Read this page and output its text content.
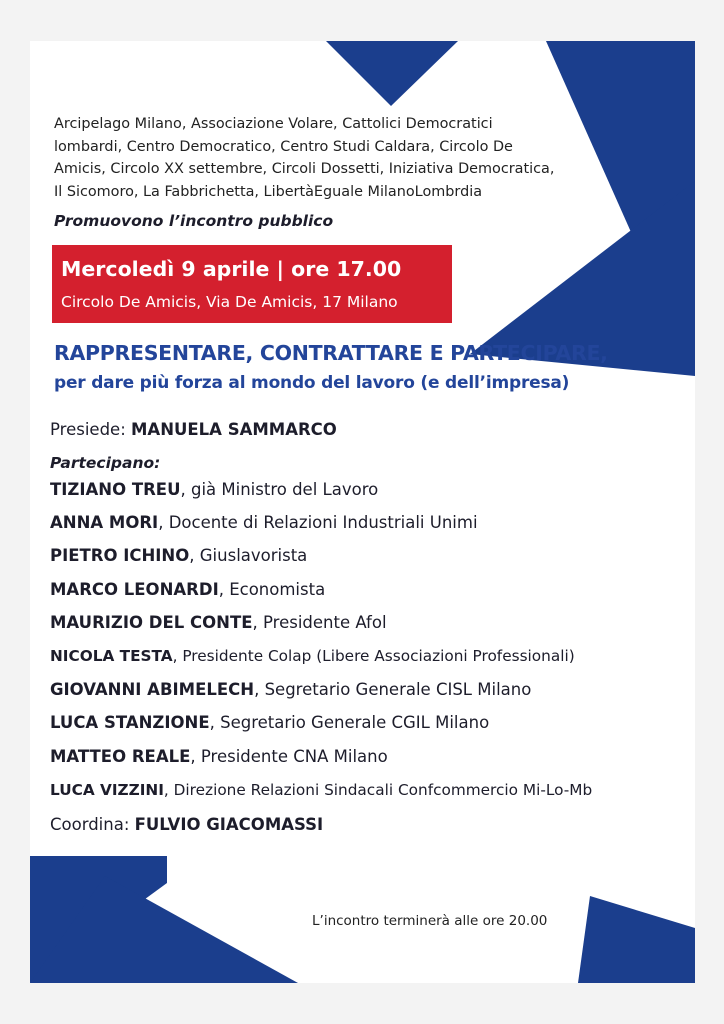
Arcipelago Milano, Associazione Volare, Cattolici Democratici
lombardi, Centro Democratico, Centro Studi Caldara, Circolo De
Amicis, Circolo XX settembre, Circoli Dossetti, Iniziativa Democratica,
Il Sicomoro, La Fabbrichetta, LibertàEguale MilanoLombrdia
Promuovono l’incontro pubblico
Mercoledì 9 aprile | ore 17.00
Circolo De Amicis, Via De Amicis, 17 Milano
RAPPRESENTARE, CONTRATTARE E PARTECIPARE,
per dare più forza al mondo del lavoro (e dell’impresa)
Presiede: MANUELA SAMMARCO
Partecipano:
TIZIANO TREU, già Ministro del Lavoro
ANNA MORI, Docente di Relazioni Industriali Unimi
PIETRO ICHINO, Giuslavorista
MARCO LEONARDI, Economista
MAURIZIO DEL CONTE, Presidente Afol
NICOLA TESTA, Presidente Colap (Libere Associazioni Professionali)
GIOVANNI ABIMELECH, Segretario Generale CISL Milano
LUCA STANZIONE, Segretario Generale CGIL Milano
MATTEO REALE, Presidente CNA Milano
LUCA VIZZINI, Direzione Relazioni Sindacali Confcommercio Mi-Lo-Mb
Coordina: FULVIO GIACOMASSI
L’incontro terminerà alle ore 20.00
